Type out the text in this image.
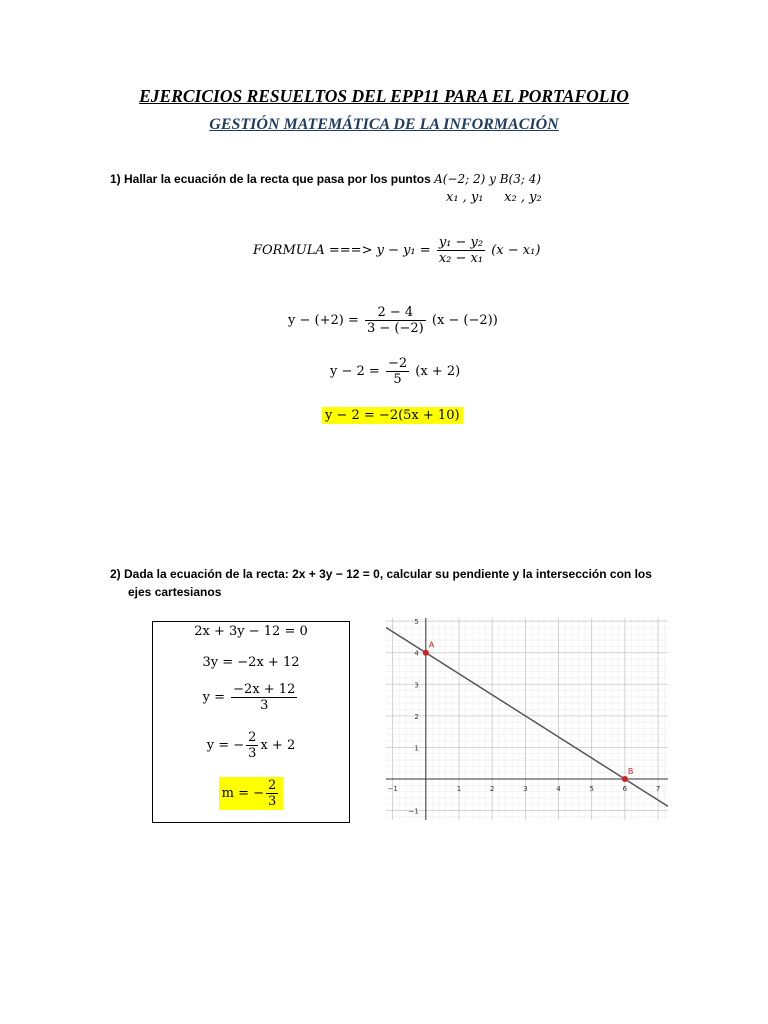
EJERCICIOS RESUELTOS DEL EPP11 PARA EL PORTAFOLIO
GESTIÓN MATEMÁTICA DE LA INFORMACIÓN
1) Hallar la ecuación de la recta que pasa por los puntos A(−2; 2) y B(3; 4)
x₁ , y₁     x₂ , y₂
FORMULA ===> $y - y_1 = \frac{\text{y₁ − y₂}}{\text{x₂ − x₁}} (x - x_1)$
$y - (+2) = \frac{2 - 4}{3 - (-2)} (x - (-2))$
$y - 2 = \frac{-2}{5} (x + 2)$
y − 2 = −2(5x + 10)
2) Dada la ecuación de la recta: 2x + 3y − 12 = 0, calcular su pendiente y la intersección con los
ejes cartesianos
2x + 3y − 12 = 0
3y = −2x + 12
$y = \frac{-2x + 12}{3}$
y = − $\frac{2}{3}$ x + 2
m = − $\frac{2}{3}$	−1	1	2	3	4	5	6	7
5
4
3
2
1
−1
A
B
